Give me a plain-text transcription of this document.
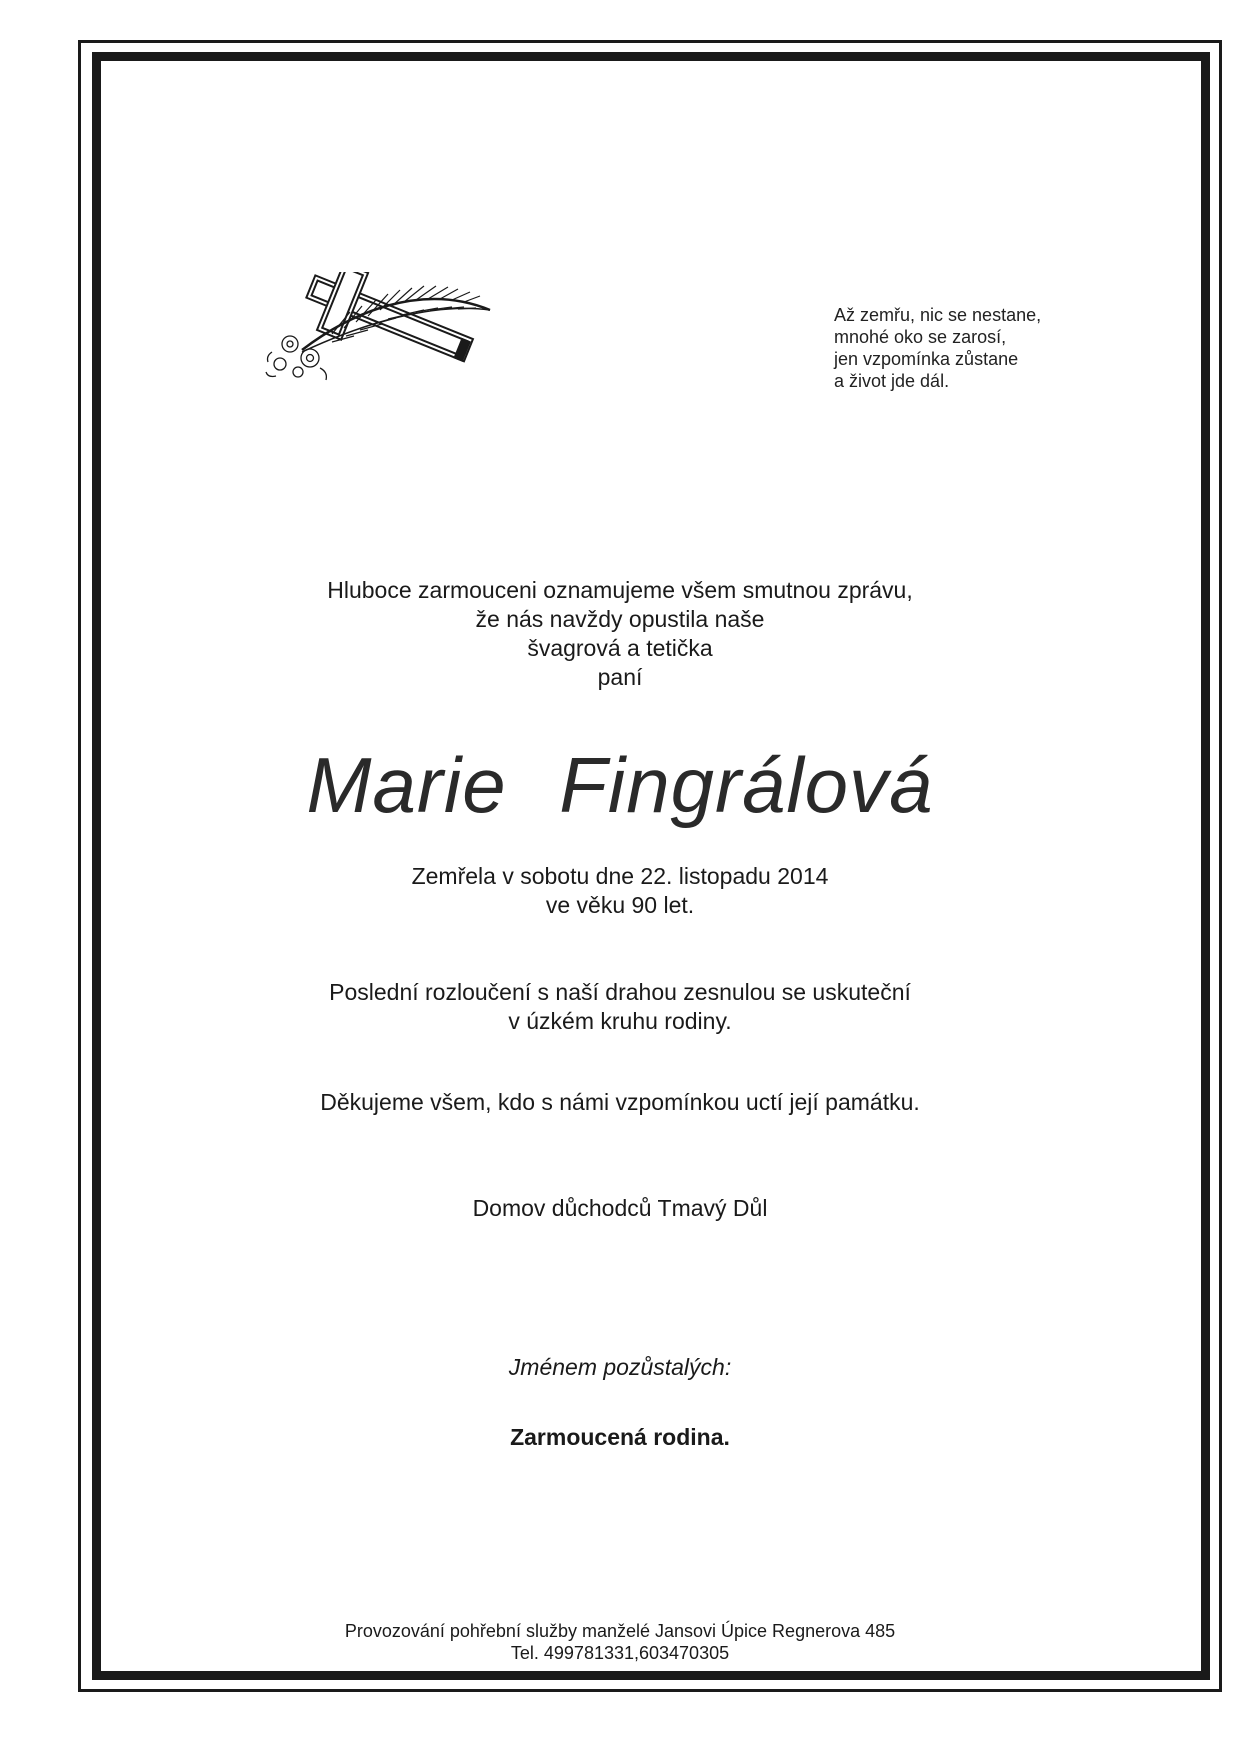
Až zemřu, nic se nestane,
mnohé oko se zarosí,
jen vzpomínka zůstane
a život jde dál.
Hluboce zarmouceni oznamujeme všem smutnou zprávu,
že nás navždy opustila naše
švagrová a tetička
paní
Marie Fingrálová
Zemřela v sobotu dne 22. listopadu 2014
ve věku 90 let.
Poslední rozloučení s naší drahou zesnulou se uskuteční
v úzkém kruhu rodiny.
Děkujeme všem, kdo s námi vzpomínkou uctí její památku.
Domov důchodců Tmavý Důl
Jménem pozůstalých:
Zarmoucená rodina.
Provozování pohřební služby manželé Jansovi Úpice Regnerova 485
Tel. 499781331,603470305
